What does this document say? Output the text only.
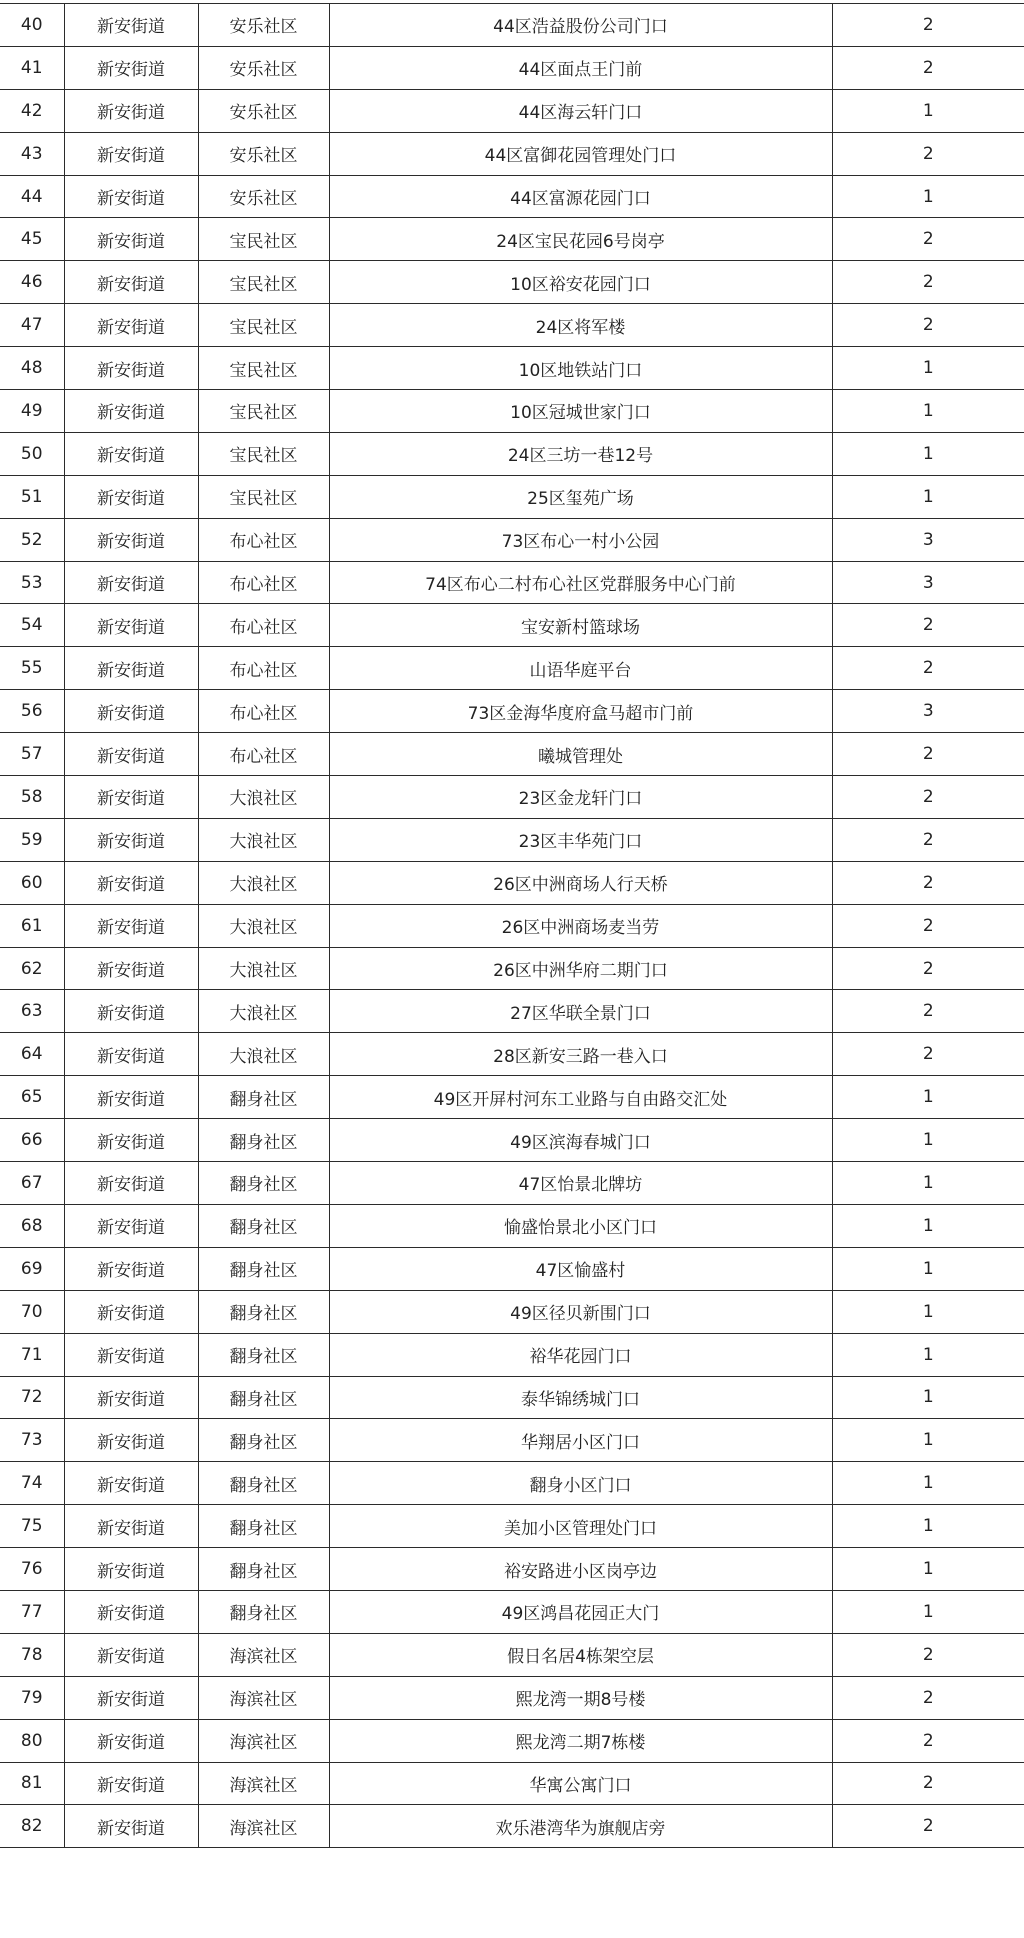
40	新安街道	安乐社区	44区浩益股份公司门口	2
41	新安街道	安乐社区	44区面点王门前	2
42	新安街道	安乐社区	44区海云轩门口	1
43	新安街道	安乐社区	44区富御花园管理处门口	2
44	新安街道	安乐社区	44区富源花园门口	1
45	新安街道	宝民社区	24区宝民花园6号岗亭	2
46	新安街道	宝民社区	10区裕安花园门口	2
47	新安街道	宝民社区	24区将军楼	2
48	新安街道	宝民社区	10区地铁站门口	1
49	新安街道	宝民社区	10区冠城世家门口	1
50	新安街道	宝民社区	24区三坊一巷12号	1
51	新安街道	宝民社区	25区玺苑广场	1
52	新安街道	布心社区	73区布心一村小公园	3
53	新安街道	布心社区	74区布心二村布心社区党群服务中心门前	3
54	新安街道	布心社区	宝安新村篮球场	2
55	新安街道	布心社区	山语华庭平台	2
56	新安街道	布心社区	73区金海华度府盒马超市门前	3
57	新安街道	布心社区	曦城管理处	2
58	新安街道	大浪社区	23区金龙轩门口	2
59	新安街道	大浪社区	23区丰华苑门口	2
60	新安街道	大浪社区	26区中洲商场人行天桥	2
61	新安街道	大浪社区	26区中洲商场麦当劳	2
62	新安街道	大浪社区	26区中洲华府二期门口	2
63	新安街道	大浪社区	27区华联全景门口	2
64	新安街道	大浪社区	28区新安三路一巷入口	2
65	新安街道	翻身社区	49区开屏村河东工业路与自由路交汇处	1
66	新安街道	翻身社区	49区滨海春城门口	1
67	新安街道	翻身社区	47区怡景北牌坊	1
68	新安街道	翻身社区	愉盛怡景北小区门口	1
69	新安街道	翻身社区	47区愉盛村	1
70	新安街道	翻身社区	49区径贝新围门口	1
71	新安街道	翻身社区	裕华花园门口	1
72	新安街道	翻身社区	泰华锦绣城门口	1
73	新安街道	翻身社区	华翔居小区门口	1
74	新安街道	翻身社区	翻身小区门口	1
75	新安街道	翻身社区	美加小区管理处门口	1
76	新安街道	翻身社区	裕安路进小区岗亭边	1
77	新安街道	翻身社区	49区鸿昌花园正大门	1
78	新安街道	海滨社区	假日名居4栋架空层	2
79	新安街道	海滨社区	熙龙湾一期8号楼	2
80	新安街道	海滨社区	熙龙湾二期7栋楼	2
81	新安街道	海滨社区	华寓公寓门口	2
82	新安街道	海滨社区	欢乐港湾华为旗舰店旁	2
